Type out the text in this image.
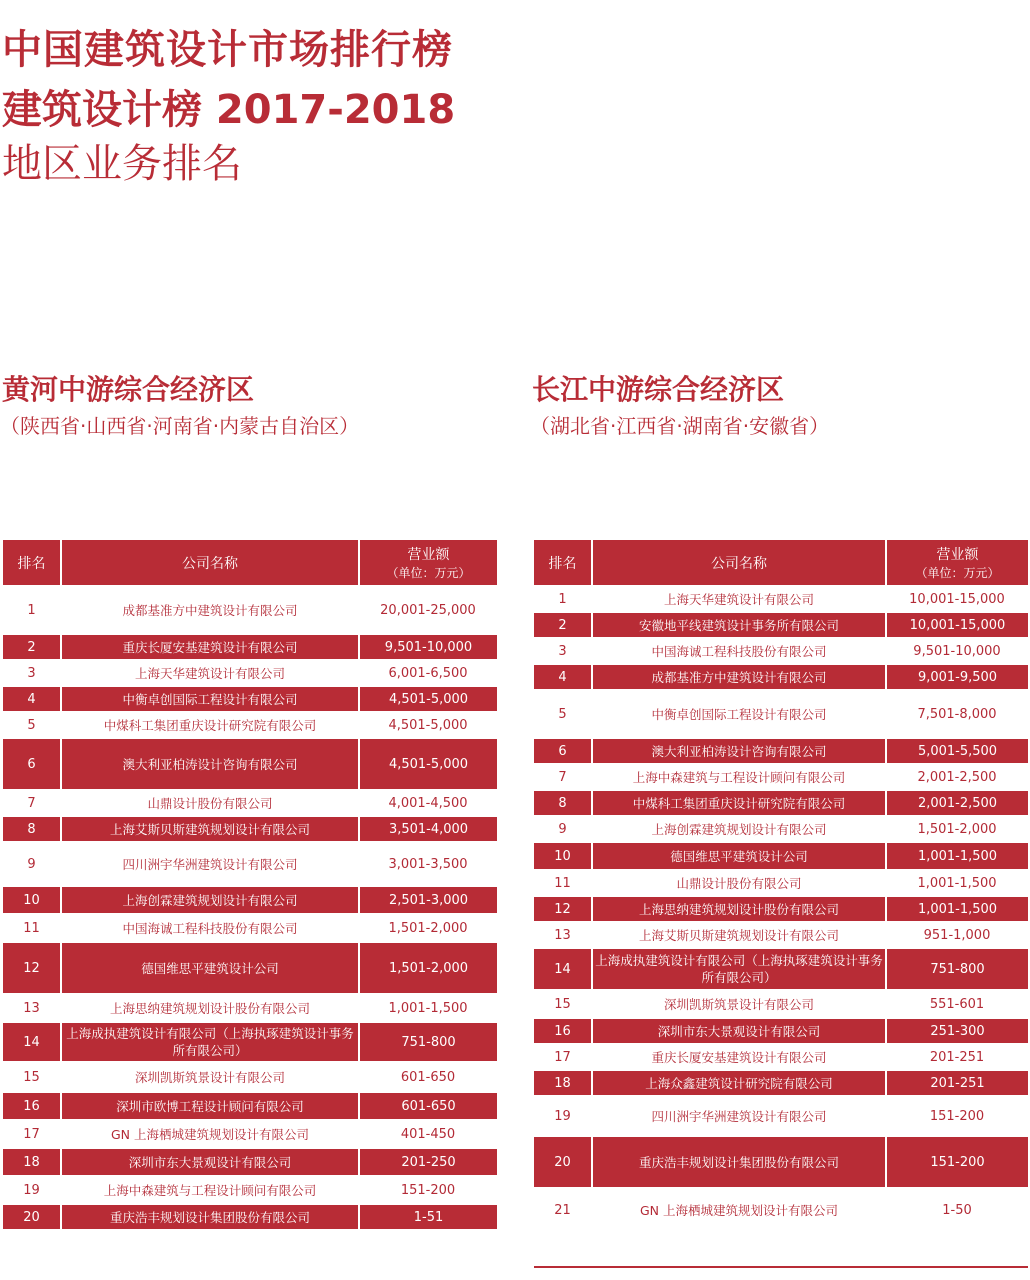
中国建筑设计市场排行榜
建筑设计榜 2017-2018
地区业务排名
黄河中游综合经济区
（陕西省·山西省·河南省·内蒙古自治区）
长江中游综合经济区
（湖北省·江西省·湖南省·安徽省）
排名	公司名称	营业额
（单位：万元）

1	成都基准方中建筑设计有限公司	20,001-25,000
2	重庆长厦安基建筑设计有限公司	9,501-10,000
3	上海天华建筑设计有限公司	6,001-6,500
4	中衡卓创国际工程设计有限公司	4,501-5,000
5	中煤科工集团重庆设计研究院有限公司	4,501-5,000
6	澳大利亚柏涛设计咨询有限公司	4,501-5,000
7	山鼎设计股份有限公司	4,001-4,500
8	上海艾斯贝斯建筑规划设计有限公司	3,501-4,000
9	四川洲宇华洲建筑设计有限公司	3,001-3,500
10	上海创霖建筑规划设计有限公司	2,501-3,000
11	中国海诚工程科技股份有限公司	1,501-2,000
12	德国维思平建筑设计公司	1,501-2,000
13	上海思纳建筑规划设计股份有限公司	1,001-1,500
14	上海成执建筑设计有限公司（上海执琢建筑设计事务所有限公司）	751-800
15	深圳凯斯筑景设计有限公司	601-650
16	深圳市欧博工程设计顾问有限公司	601-650
17	GN 上海栖城建筑规划设计有限公司	401-450
18	深圳市东大景观设计有限公司	201-250
19	上海中森建筑与工程设计顾问有限公司	151-200
20	重庆浩丰规划设计集团股份有限公司	1-51
排名	公司名称	营业额
（单位：万元）

1	上海天华建筑设计有限公司	10,001-15,000
2	安徽地平线建筑设计事务所有限公司	10,001-15,000
3	中国海诚工程科技股份有限公司	9,501-10,000
4	成都基准方中建筑设计有限公司	9,001-9,500
5	中衡卓创国际工程设计有限公司	7,501-8,000
6	澳大利亚柏涛设计咨询有限公司	5,001-5,500
7	上海中森建筑与工程设计顾问有限公司	2,001-2,500
8	中煤科工集团重庆设计研究院有限公司	2,001-2,500
9	上海创霖建筑规划设计有限公司	1,501-2,000
10	德国维思平建筑设计公司	1,001-1,500
11	山鼎设计股份有限公司	1,001-1,500
12	上海思纳建筑规划设计股份有限公司	1,001-1,500
13	上海艾斯贝斯建筑规划设计有限公司	951-1,000
14	上海成执建筑设计有限公司（上海执琢建筑设计事务所有限公司）	751-800
15	深圳凯斯筑景设计有限公司	551-601
16	深圳市东大景观设计有限公司	251-300
17	重庆长厦安基建筑设计有限公司	201-251
18	上海众鑫建筑设计研究院有限公司	201-251
19	四川洲宇华洲建筑设计有限公司	151-200
20	重庆浩丰规划设计集团股份有限公司	151-200
21	GN 上海栖城建筑规划设计有限公司	1-50
